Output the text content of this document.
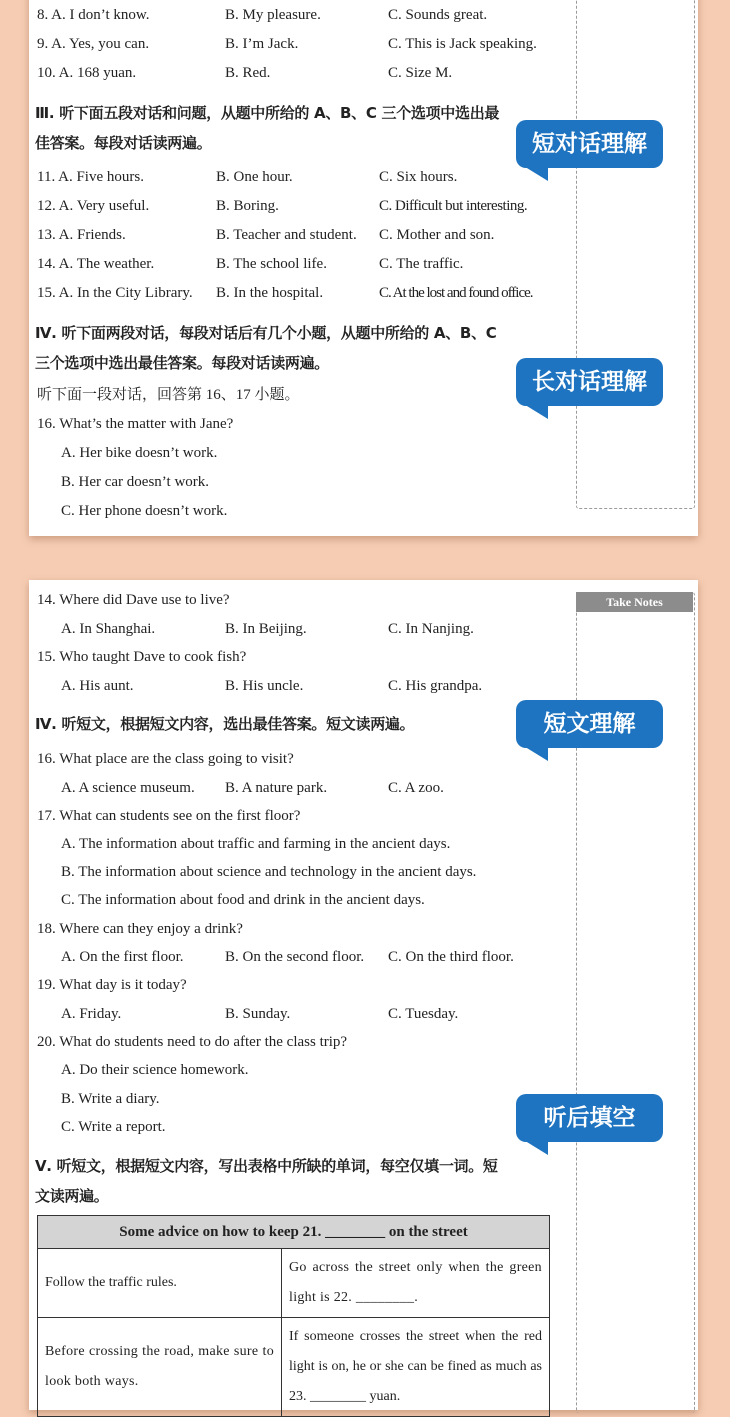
8. A. I don’t know.	B. My pleasure.	C. Sounds great.
9. A. Yes, you can.	B. I’m Jack.	C. This is Jack speaking.
10. A. 168 yuan.	B. Red.	C. Size M.
Ⅲ. 听下面五段对话和问题，从题中所给的 A、B、C 三个选项中选出最
佳答案。每段对话读两遍。	短对话理解
11. A. Five hours.	B. One hour.	C. Six hours.
12. A. Very useful.	B. Boring.	C. Difficult but interesting.
13. A. Friends.	B. Teacher and student. C. Mother and son.
14. A. The weather.	B. The school life.	C. The traffic.
15. A. In the City Library. B. In the hospital.	C. At the lost and found office.
Ⅳ. 听下面两段对话，每段对话后有几个小题，从题中所给的 A、B、C
三个选项中选出最佳答案。每段对话读两遍。
长对话理解
听下面一段对话，回答第 16、17 小题。
16. What’s the matter with Jane?
A. Her bike doesn’t work.
B. Her car doesn’t work.
C. Her phone doesn’t work.
Take Notes
14. Where did Dave use to live?
A. In Shanghai.	B. In Beijing.	C. In Nanjing.
15. Who taught Dave to cook fish?
A. His aunt.	B. His uncle.	C. His grandpa.
Ⅳ. 听短文，根据短文内容，选出最佳答案。短文读两遍。	短文理解
16. What place are the class going to visit?
A. A science museum. B. A nature park.	C. A zoo.
17. What can students see on the first floor?
A. The information about traffic and farming in the ancient days.
B. The information about science and technology in the ancient days.
C. The information about food and drink in the ancient days.
18. Where can they enjoy a drink?
A. On the first floor.	B. On the second floor. C. On the third floor.
19. What day is it today?
A. Friday.	B. Sunday.	C. Tuesday.
20. What do students need to do after the class trip?
A. Do their science homework.
B. Write a diary.
C. Write a report.	听后填空
Ⅴ. 听短文，根据短文内容，写出表格中所缺的单词，每空仅填一词。短
文读两遍。
Some advice on how to keep 21. ________ on the street	
Follow the traffic rules.	Go across the street only when the green light is 22. ________.
Before crossing the road, make sure to look both ways.	If someone crosses the street when the red light is on, he or she can be fined as much as 23. ________ yuan.
